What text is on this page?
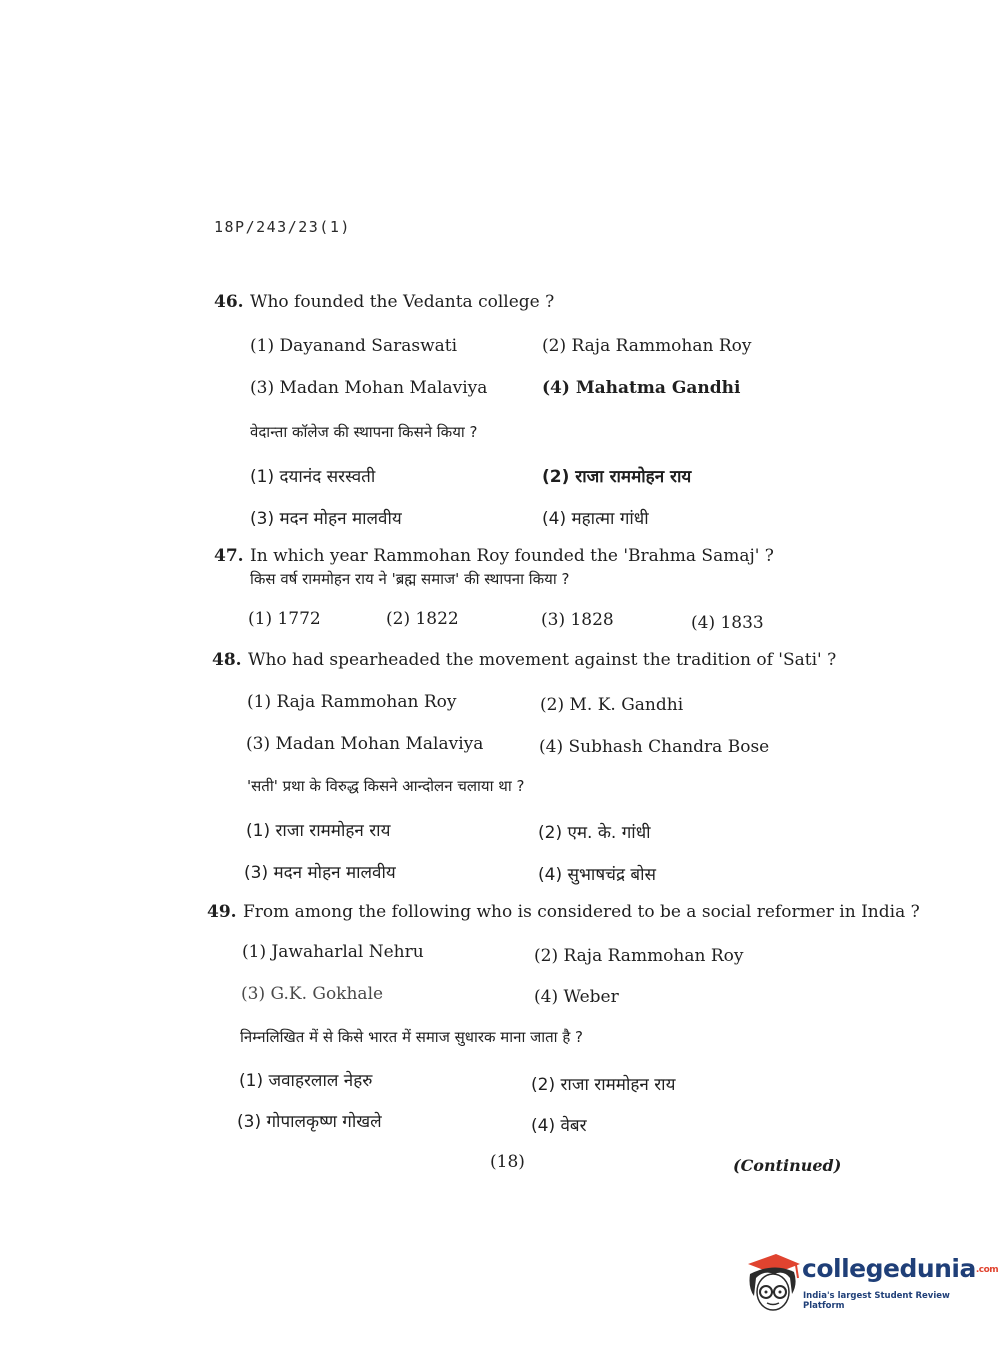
18P/243/23(1)
46. Who founded the Vedanta college ?
(1) Dayanand Saraswati	(2) Raja Rammohan Roy
(3) Madan Mohan Malaviya	(4) Mahatma Gandhi
वेदान्ता कॉलेज की स्थापना किसने किया ?
(1) दयानंद सरस्वती	(2) राजा राममोहन राय
(3) मदन मोहन मालवीय	(4) महात्मा गांधी
47. In which year Rammohan Roy founded the 'Brahma Samaj' ?
किस वर्ष राममोहन राय ने 'ब्रह्म समाज' की स्थापना किया ?
(1) 1772	(2) 1822	(3) 1828	(4) 1833
48. Who had spearheaded the movement against the tradition of 'Sati' ?
(1) Raja Rammohan Roy	(2) M. K. Gandhi
(3) Madan Mohan Malaviya	(4) Subhash Chandra Bose
'सती' प्रथा के विरुद्ध किसने आन्दोलन चलाया था ?
(1) राजा राममोहन राय	(2) एम. के. गांधी
(3) मदन मोहन मालवीय	(4) सुभाषचंद्र बोस
49. From among the following who is considered to be a social reformer in India ?
(1) Jawaharlal Nehru	(2) Raja Rammohan Roy
(3) G.K. Gokhale	(4) Weber
निम्नलिखित में से किसे भारत में समाज सुधारक माना जाता है ?
(1) जवाहरलाल नेहरु	(2) राजा राममोहन राय
(3) गोपालकृष्ण गोखले	(4) वेबर
(18)	(Continued)
collegedunia.com
India's largest Student Review Platform
